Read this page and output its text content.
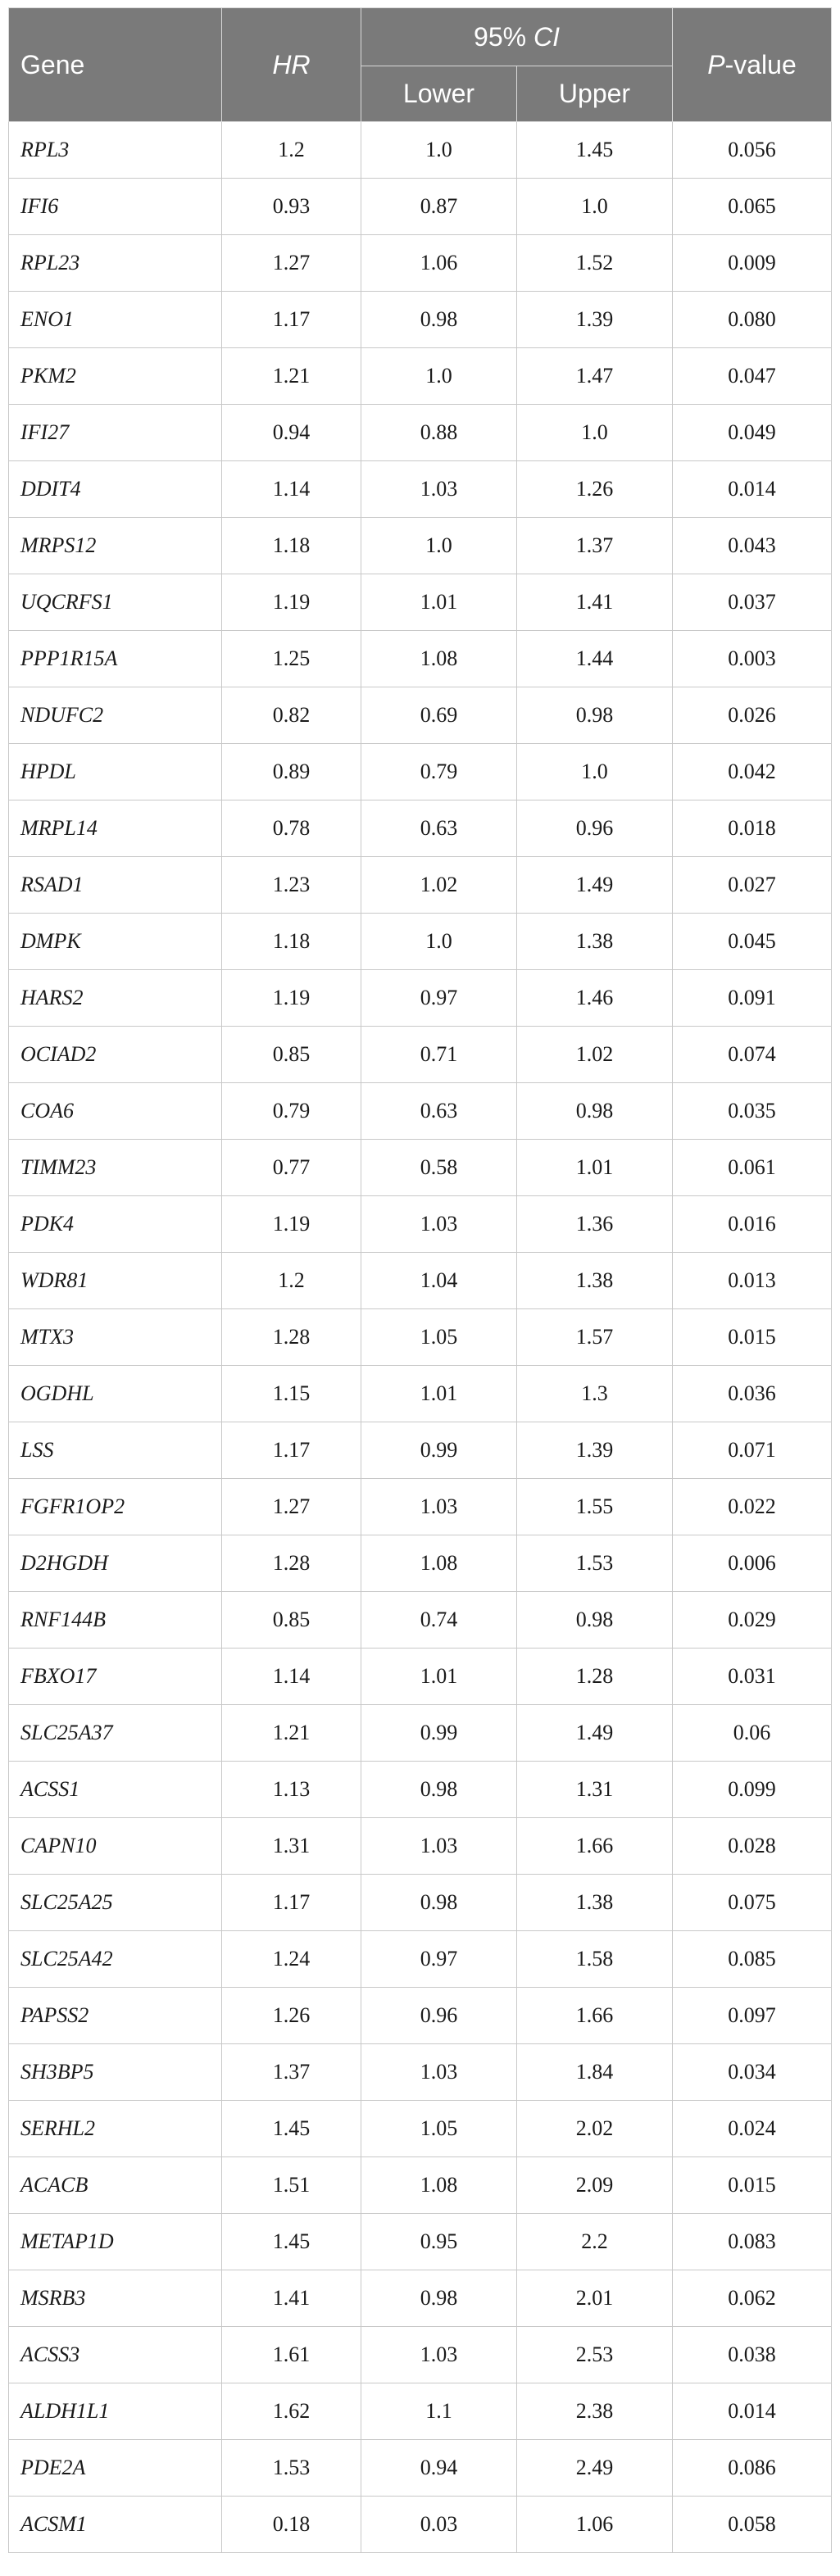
Gene	HR	95% CI		P-value
		Lower	Upper	
RPL3	1.2	1.0	1.45	0.056
IFI6	0.93	0.87	1.0	0.065
RPL23	1.27	1.06	1.52	0.009
ENO1	1.17	0.98	1.39	0.080
PKM2	1.21	1.0	1.47	0.047
IFI27	0.94	0.88	1.0	0.049
DDIT4	1.14	1.03	1.26	0.014
MRPS12	1.18	1.0	1.37	0.043
UQCRFS1	1.19	1.01	1.41	0.037
PPP1R15A	1.25	1.08	1.44	0.003
NDUFC2	0.82	0.69	0.98	0.026
HPDL	0.89	0.79	1.0	0.042
MRPL14	0.78	0.63	0.96	0.018
RSAD1	1.23	1.02	1.49	0.027
DMPK	1.18	1.0	1.38	0.045
HARS2	1.19	0.97	1.46	0.091
OCIAD2	0.85	0.71	1.02	0.074
COA6	0.79	0.63	0.98	0.035
TIMM23	0.77	0.58	1.01	0.061
PDK4	1.19	1.03	1.36	0.016
WDR81	1.2	1.04	1.38	0.013
MTX3	1.28	1.05	1.57	0.015
OGDHL	1.15	1.01	1.3	0.036
LSS	1.17	0.99	1.39	0.071
FGFR1OP2	1.27	1.03	1.55	0.022
D2HGDH	1.28	1.08	1.53	0.006
RNF144B	0.85	0.74	0.98	0.029
FBXO17	1.14	1.01	1.28	0.031
SLC25A37	1.21	0.99	1.49	0.06
ACSS1	1.13	0.98	1.31	0.099
CAPN10	1.31	1.03	1.66	0.028
SLC25A25	1.17	0.98	1.38	0.075
SLC25A42	1.24	0.97	1.58	0.085
PAPSS2	1.26	0.96	1.66	0.097
SH3BP5	1.37	1.03	1.84	0.034
SERHL2	1.45	1.05	2.02	0.024
ACACB	1.51	1.08	2.09	0.015
METAP1D	1.45	0.95	2.2	0.083
MSRB3	1.41	0.98	2.01	0.062
ACSS3	1.61	1.03	2.53	0.038
ALDH1L1	1.62	1.1	2.38	0.014
PDE2A	1.53	0.94	2.49	0.086
ACSM1	0.18	0.03	1.06	0.058
